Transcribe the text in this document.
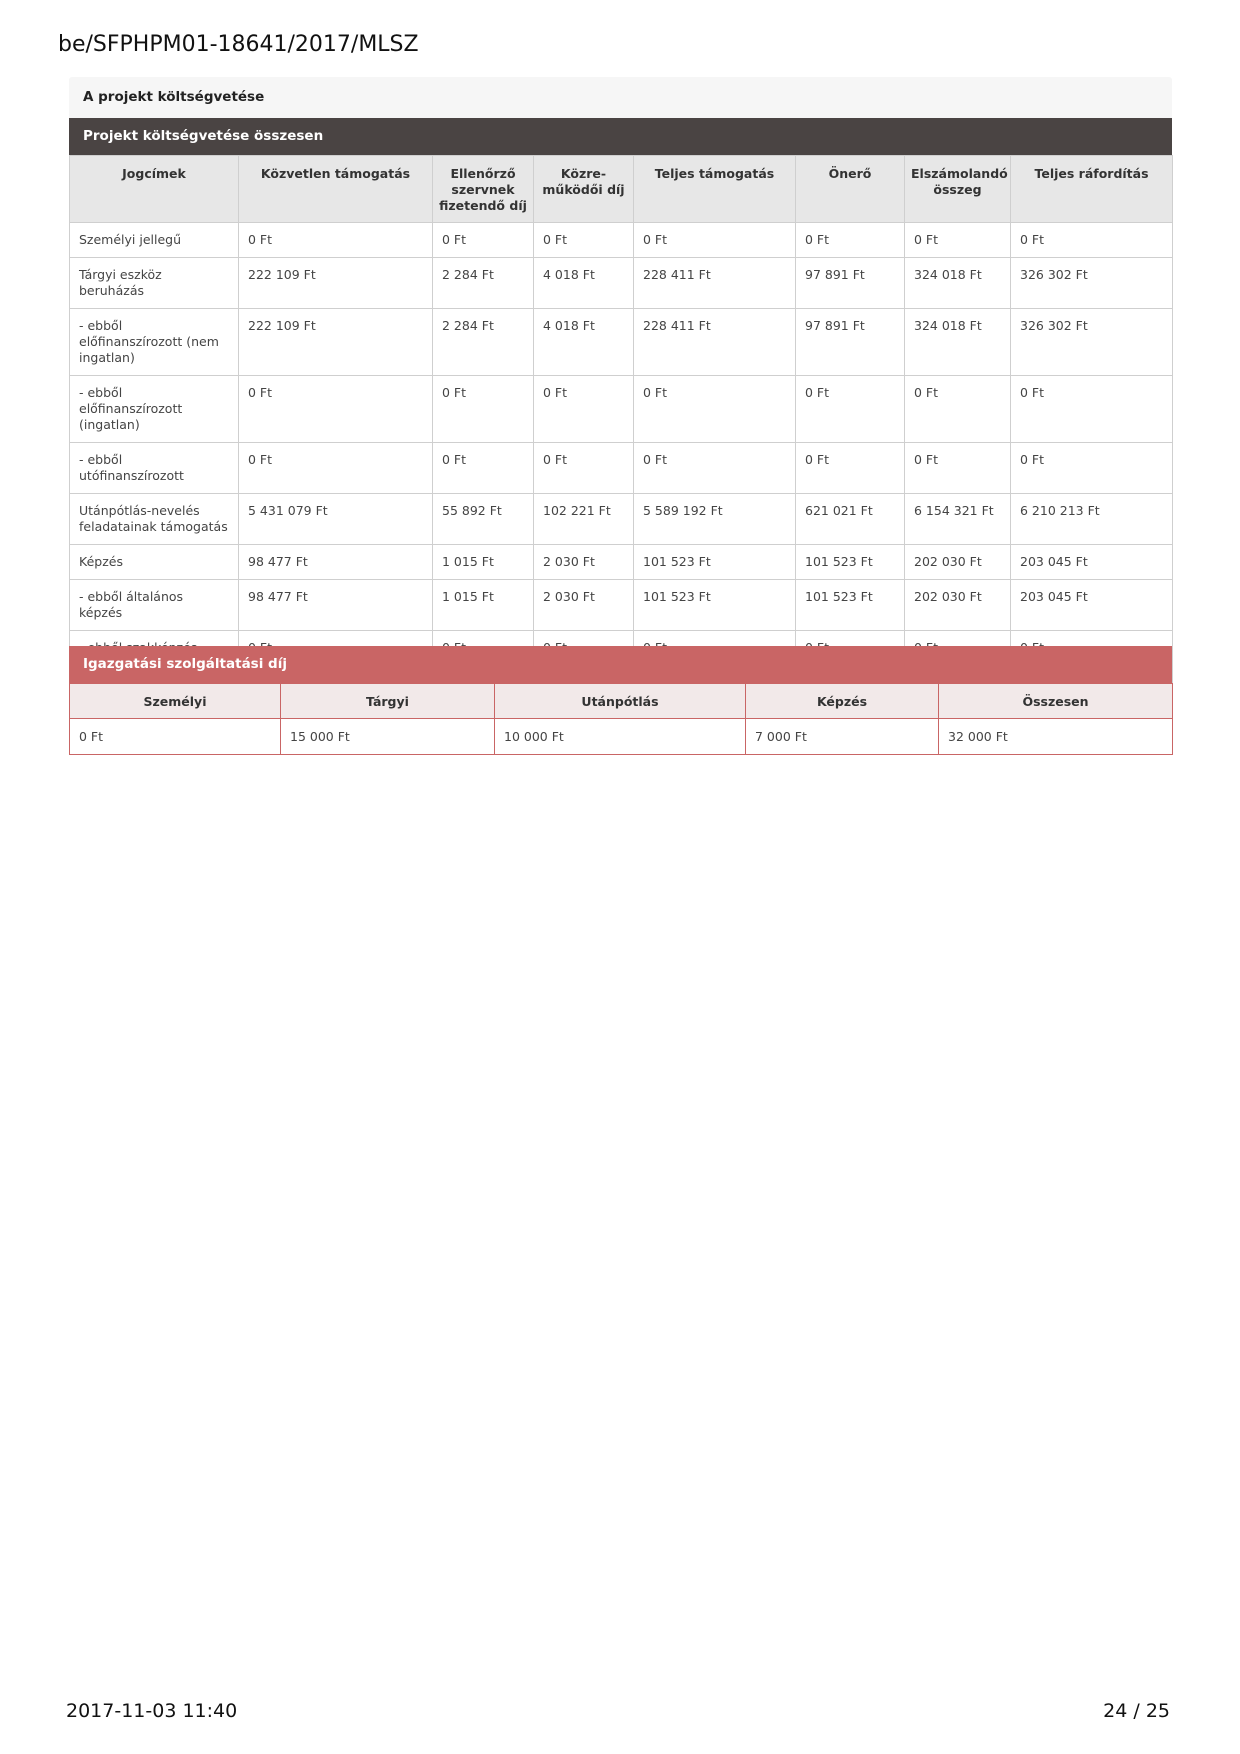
be/SFPHPM01-18641/2017/MLSZ
A projekt költségvetése
Projekt költségvetése összesen
Jogcímek	Közvetlen támogatás	Ellenőrző szervnek fizetendő díj	Közre-működői díj	Teljes támogatás	Önerő	Elszámolandó összeg	Teljes ráfordítás
Személyi jellegű	0 Ft	0 Ft	0 Ft	0 Ft	0 Ft	0 Ft	0 Ft
Tárgyi eszköz beruházás	222 109 Ft	2 284 Ft	4 018 Ft	228 411 Ft	97 891 Ft	324 018 Ft	326 302 Ft
- ebből előfinanszírozott (nem ingatlan)	222 109 Ft	2 284 Ft	4 018 Ft	228 411 Ft	97 891 Ft	324 018 Ft	326 302 Ft
- ebből előfinanszírozott (ingatlan)	0 Ft	0 Ft	0 Ft	0 Ft	0 Ft	0 Ft	0 Ft
- ebből utófinanszírozott	0 Ft	0 Ft	0 Ft	0 Ft	0 Ft	0 Ft	0 Ft
Utánpótlás-nevelés feladatainak támogatás	5 431 079 Ft	55 892 Ft	102 221 Ft	5 589 192 Ft	621 021 Ft	6 154 321 Ft	6 210 213 Ft
Képzés	98 477 Ft	1 015 Ft	2 030 Ft	101 523 Ft	101 523 Ft	202 030 Ft	203 045 Ft
- ebből általános képzés	98 477 Ft	1 015 Ft	2 030 Ft	101 523 Ft	101 523 Ft	202 030 Ft	203 045 Ft

Igazgatási szolgáltatási díj
Személyi	Tárgyi	Utánpótlás	Képzés	Összesen
0 Ft	15 000 Ft	10 000 Ft	7 000 Ft	32 000 Ft
2017-11-03 11:40	24 / 25
